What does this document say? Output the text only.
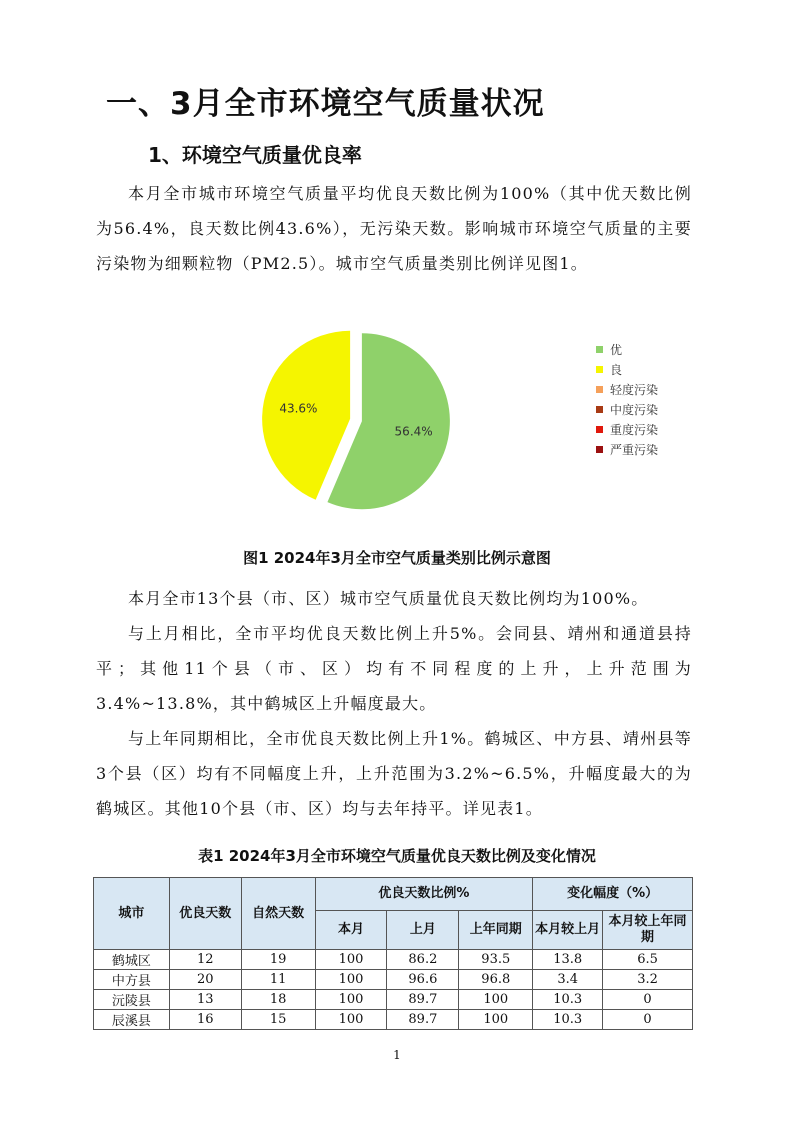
一、3月全市环境空气质量状况
1、环境空气质量优良率

本月全市城市环境空气质量平均优良天数比例为100%（其中优天数比例为56.4%，良天数比例43.6%），无污染天数。影响城市环境空气质量的主要污染物为细颗粒物（PM2.5）。城市空气质量类别比例详见图1。

56.4%
43.6%
优
良
轻度污染
中度污染
重度污染
严重污染
图1 2024年3月全市空气质量类别比例示意图

本月全市13个县（市、区）城市空气质量优良天数比例均为100%。

与上月相比，全市平均优良天数比例上升5%。会同县、靖州和通道县持平；其他11个县（市、区）均有不同程度的上升，上升范围为3.4%~13.8%，其中鹤城区上升幅度最大。

与上年同期相比，全市优良天数比例上升1%。鹤城区、中方县、靖州县等3个县（区）均有不同幅度上升，上升范围为3.2%~6.5%，升幅度最大的为鹤城区。其他10个县（市、区）均与去年持平。详见表1。

表1 2024年3月全市环境空气质量优良天数比例及变化情况
城市	优良天数	自然天数	优良天数比例%			变化幅度（%）	
			本月	上月	上年同期	本月较上月	本月较上年同期
鹤城区	12	19	100	86.2	93.5	13.8	6.5
中方县	20	11	100	96.6	96.8	3.4	3.2
沅陵县	13	18	100	89.7	100	10.3	0
辰溪县	16	15	100	89.7	100	10.3	0
1
